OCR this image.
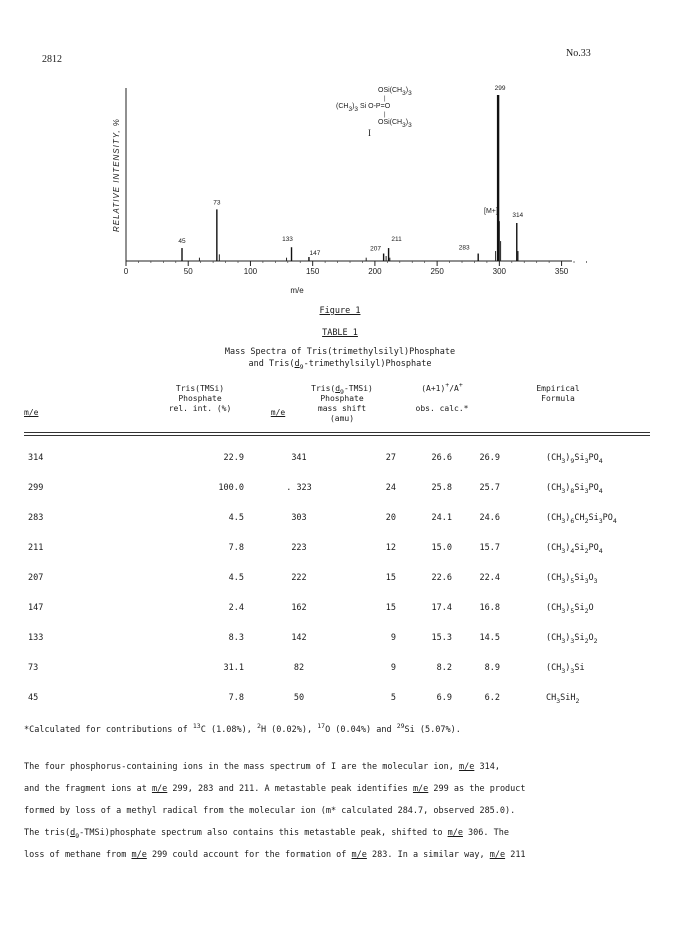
2812
No.33
0	50	100	150	200	250	300	350
45
73
133
147
207
211
283
299
314
RELATIVE INTENSITY, %
m/e
[M+]
$OSi(CH_3)_3$
|
$(CH_3)_3$ Si O-P=O
|
$OSi(CH_3)_3$
I
Figure 1
TABLE 1
Mass Spectra of Tris(trimethylsilyl)Phosphate
and $Tris(d_9-trimethylsilyl)Phosphate$
m/e
Tris(TMSi)
Phosphate
rel. int. (%)	m/e
$Tris(d_9-TMSi)$
Phosphate
mass shift
(amu)
(A+1)+/A+
obs. calc.*
Empirical
Formula
314	22.9	341	27	26.6	26.9	$(CH_3)_9Si_3PO_4$
299	100.0	. 323	24	25.8	25.7	$(CH_3)_8Si_3PO_4$
283	4.5	303	20	24.1	24.6	$(CH_3)_6CH_2Si_3PO_4$
211	7.8	223	12	15.0	15.7	$(CH_3)_4Si_2PO_4$
207	4.5	222	15	22.6	22.4	$(CH_3)_5Si_3O_3$
147	2.4	162	15	17.4	16.8	$(CH_3)_5Si_2O$
133	8.3	142	9	15.3	14.5	$(CH_3)_3Si_2O_2$
73	31.1	82	9	8.2	8.9	$(CH_3)_3Si$
45	7.8	50	5	6.9	6.2	$CH_3SiH_2$
*Calculated for contributions of $^{13}$C (1.08%), $^2$H (0.02%), $^{17}$O (0.04%) and $^{29}$Si (5.07%).
The four phosphorus-containing ions in the mass spectrum of I are the molecular ion, m/e 314,
and the fragment ions at m/e 299, 283 and 211. A metastable peak identifies m/e 299 as the product
formed by loss of a methyl radical from the molecular ion (m* calculated 284.7, observed 285.0).
The $tris(d_9-TMSi)phosphate$ spectrum also contains this metastable peak, shifted to m/e 306. The
loss of methane from m/e 299 could account for the formation of m/e 283. In a similar way, m/e 211
